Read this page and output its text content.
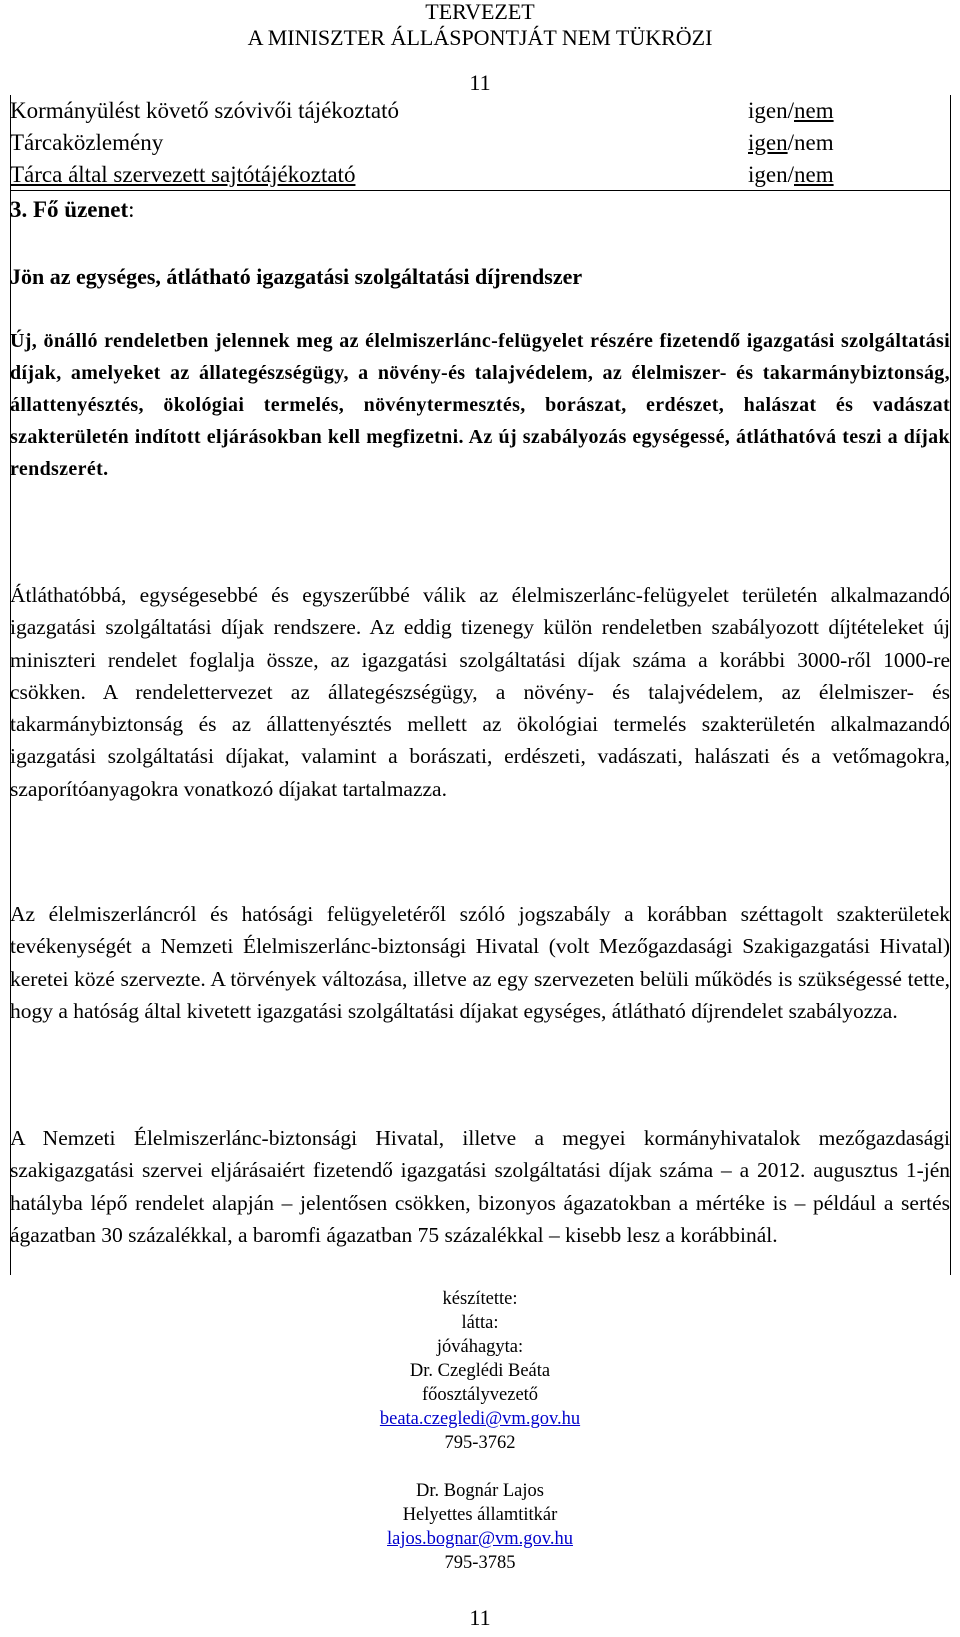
TERVEZET
A MINISZTER ÁLLÁSPONTJÁT NEM TÜKRÖZI
11
Kormányülést követő szóvivői tájékoztató	igen/nem
Tárcaközlemény	igen/nem
Tárca által szervezett sajtótájékoztató	igen/nem
3. Fő üzenet:
Jön az egységes, átlátható igazgatási szolgáltatási díjrendszer
Új, önálló rendeletben jelennek meg az élelmiszerlánc-felügyelet részére fizetendő igazgatási szolgáltatási díjak, amelyeket az állategészségügy, a növény-és talajvédelem, az élelmiszer- és takarmánybiztonság, állattenyésztés, ökológiai termelés, növénytermesztés, borászat, erdészet, halászat és vadászat szakterületén indított eljárásokban kell megfizetni. Az új szabályozás egységessé, átláthatóvá teszi a díjak rendszerét.
Átláthatóbbá, egységesebbé és egyszerűbbé válik az élelmiszerlánc-felügyelet területén alkalmazandó igazgatási szolgáltatási díjak rendszere. Az eddig tizenegy külön rendeletben szabályozott díjtételeket új miniszteri rendelet foglalja össze, az igazgatási szolgáltatási díjak száma a korábbi 3000-ről 1000-re csökken. A rendelettervezet az állategészségügy, a növény- és talajvédelem, az élelmiszer- és takarmánybiztonság és az állattenyésztés mellett az ökológiai termelés szakterületén alkalmazandó igazgatási szolgáltatási díjakat, valamint a borászati, erdészeti, vadászati, halászati és a vetőmagokra, szaporítóanyagokra vonatkozó díjakat tartalmazza.
Az élelmiszerláncról és hatósági felügyeletéről szóló jogszabály a korábban széttagolt szakterületek tevékenységét a Nemzeti Élelmiszerlánc-biztonsági Hivatal (volt Mezőgazdasági Szakigazgatási Hivatal) keretei közé szervezte. A törvények változása, illetve az egy szervezeten belüli működés is szükségessé tette, hogy a hatóság által kivetett igazgatási szolgáltatási díjakat egységes, átlátható díjrendelet szabályozza.
A Nemzeti Élelmiszerlánc-biztonsági Hivatal, illetve a megyei kormányhivatalok mezőgazdasági szakigazgatási szervei eljárásaiért fizetendő igazgatási szolgáltatási díjak száma – a 2012. augusztus 1-jén hatályba lépő rendelet alapján – jelentősen csökken, bizonyos ágazatokban a mértéke is – például a sertés ágazatban 30 százalékkal, a baromfi ágazatban 75 százalékkal – kisebb lesz a korábbinál.
készítette:
látta:
jóváhagyta:
Dr. Czeglédi Beáta
főosztályvezető
beata.czegledi@vm.gov.hu
795-3762
Dr. Bognár Lajos
Helyettes államtitkár
lajos.bognar@vm.gov.hu
795-3785
11
